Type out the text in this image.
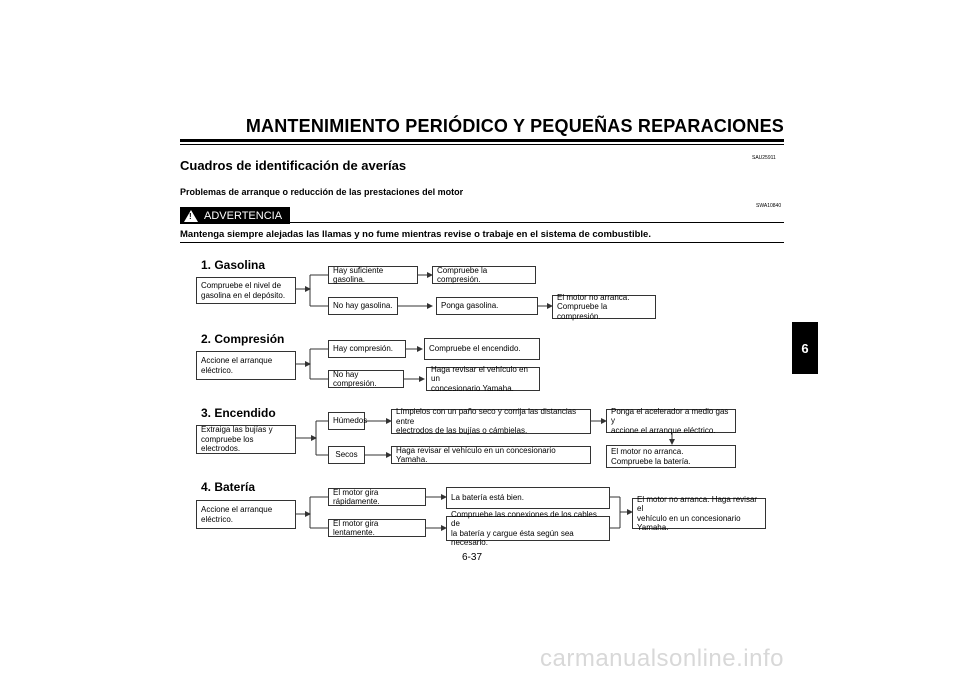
MANTENIMIENTO PERIÓDICO Y PEQUEÑAS REPARACIONES
SAU25911
Cuadros de identificación de averías
Problemas de arranque o reducción de las prestaciones del motor
! ADVERTENCIA
SWA10840
Mantenga siempre alejadas las llamas y no fume mientras revise o trabaje en el sistema de combustible.
6
1. Gasolina
Compruebe el nivel de
gasolina en el depósito.
Hay suficiente gasolina.
Compruebe la compresión.
No hay gasolina.	Ponga gasolina.
El motor no arranca.
Compruebe la compresión.
2. Compresión
Accione el arranque
eléctrico.
Hay compresión.	Compruebe el encendido.
No hay compresión.
Haga revisar el vehículo en un
concesionario Yamaha.
3. Encendido
Extraiga las bujías y
compruebe los electrodos.
Húmedos
Límpielos con un paño seco y corrija las distancias entre
electrodos de las bujías o cámbielas.
Ponga el acelerador a medio gas y
accione el arranque eléctrico.
El motor no arranca.
Compruebe la batería.
Secos
Haga revisar el vehículo en un concesionario Yamaha.
4. Batería
Accione el arranque
eléctrico.
El motor gira rápidamente.	La batería está bien.
El motor gira lentamente.
Compruebe las conexiones de los cables de
la batería y cargue ésta según sea necesario.
El motor no arranca. Haga revisar el
vehículo en un concesionario
Yamaha.
6-37
carmanualsonline.info
